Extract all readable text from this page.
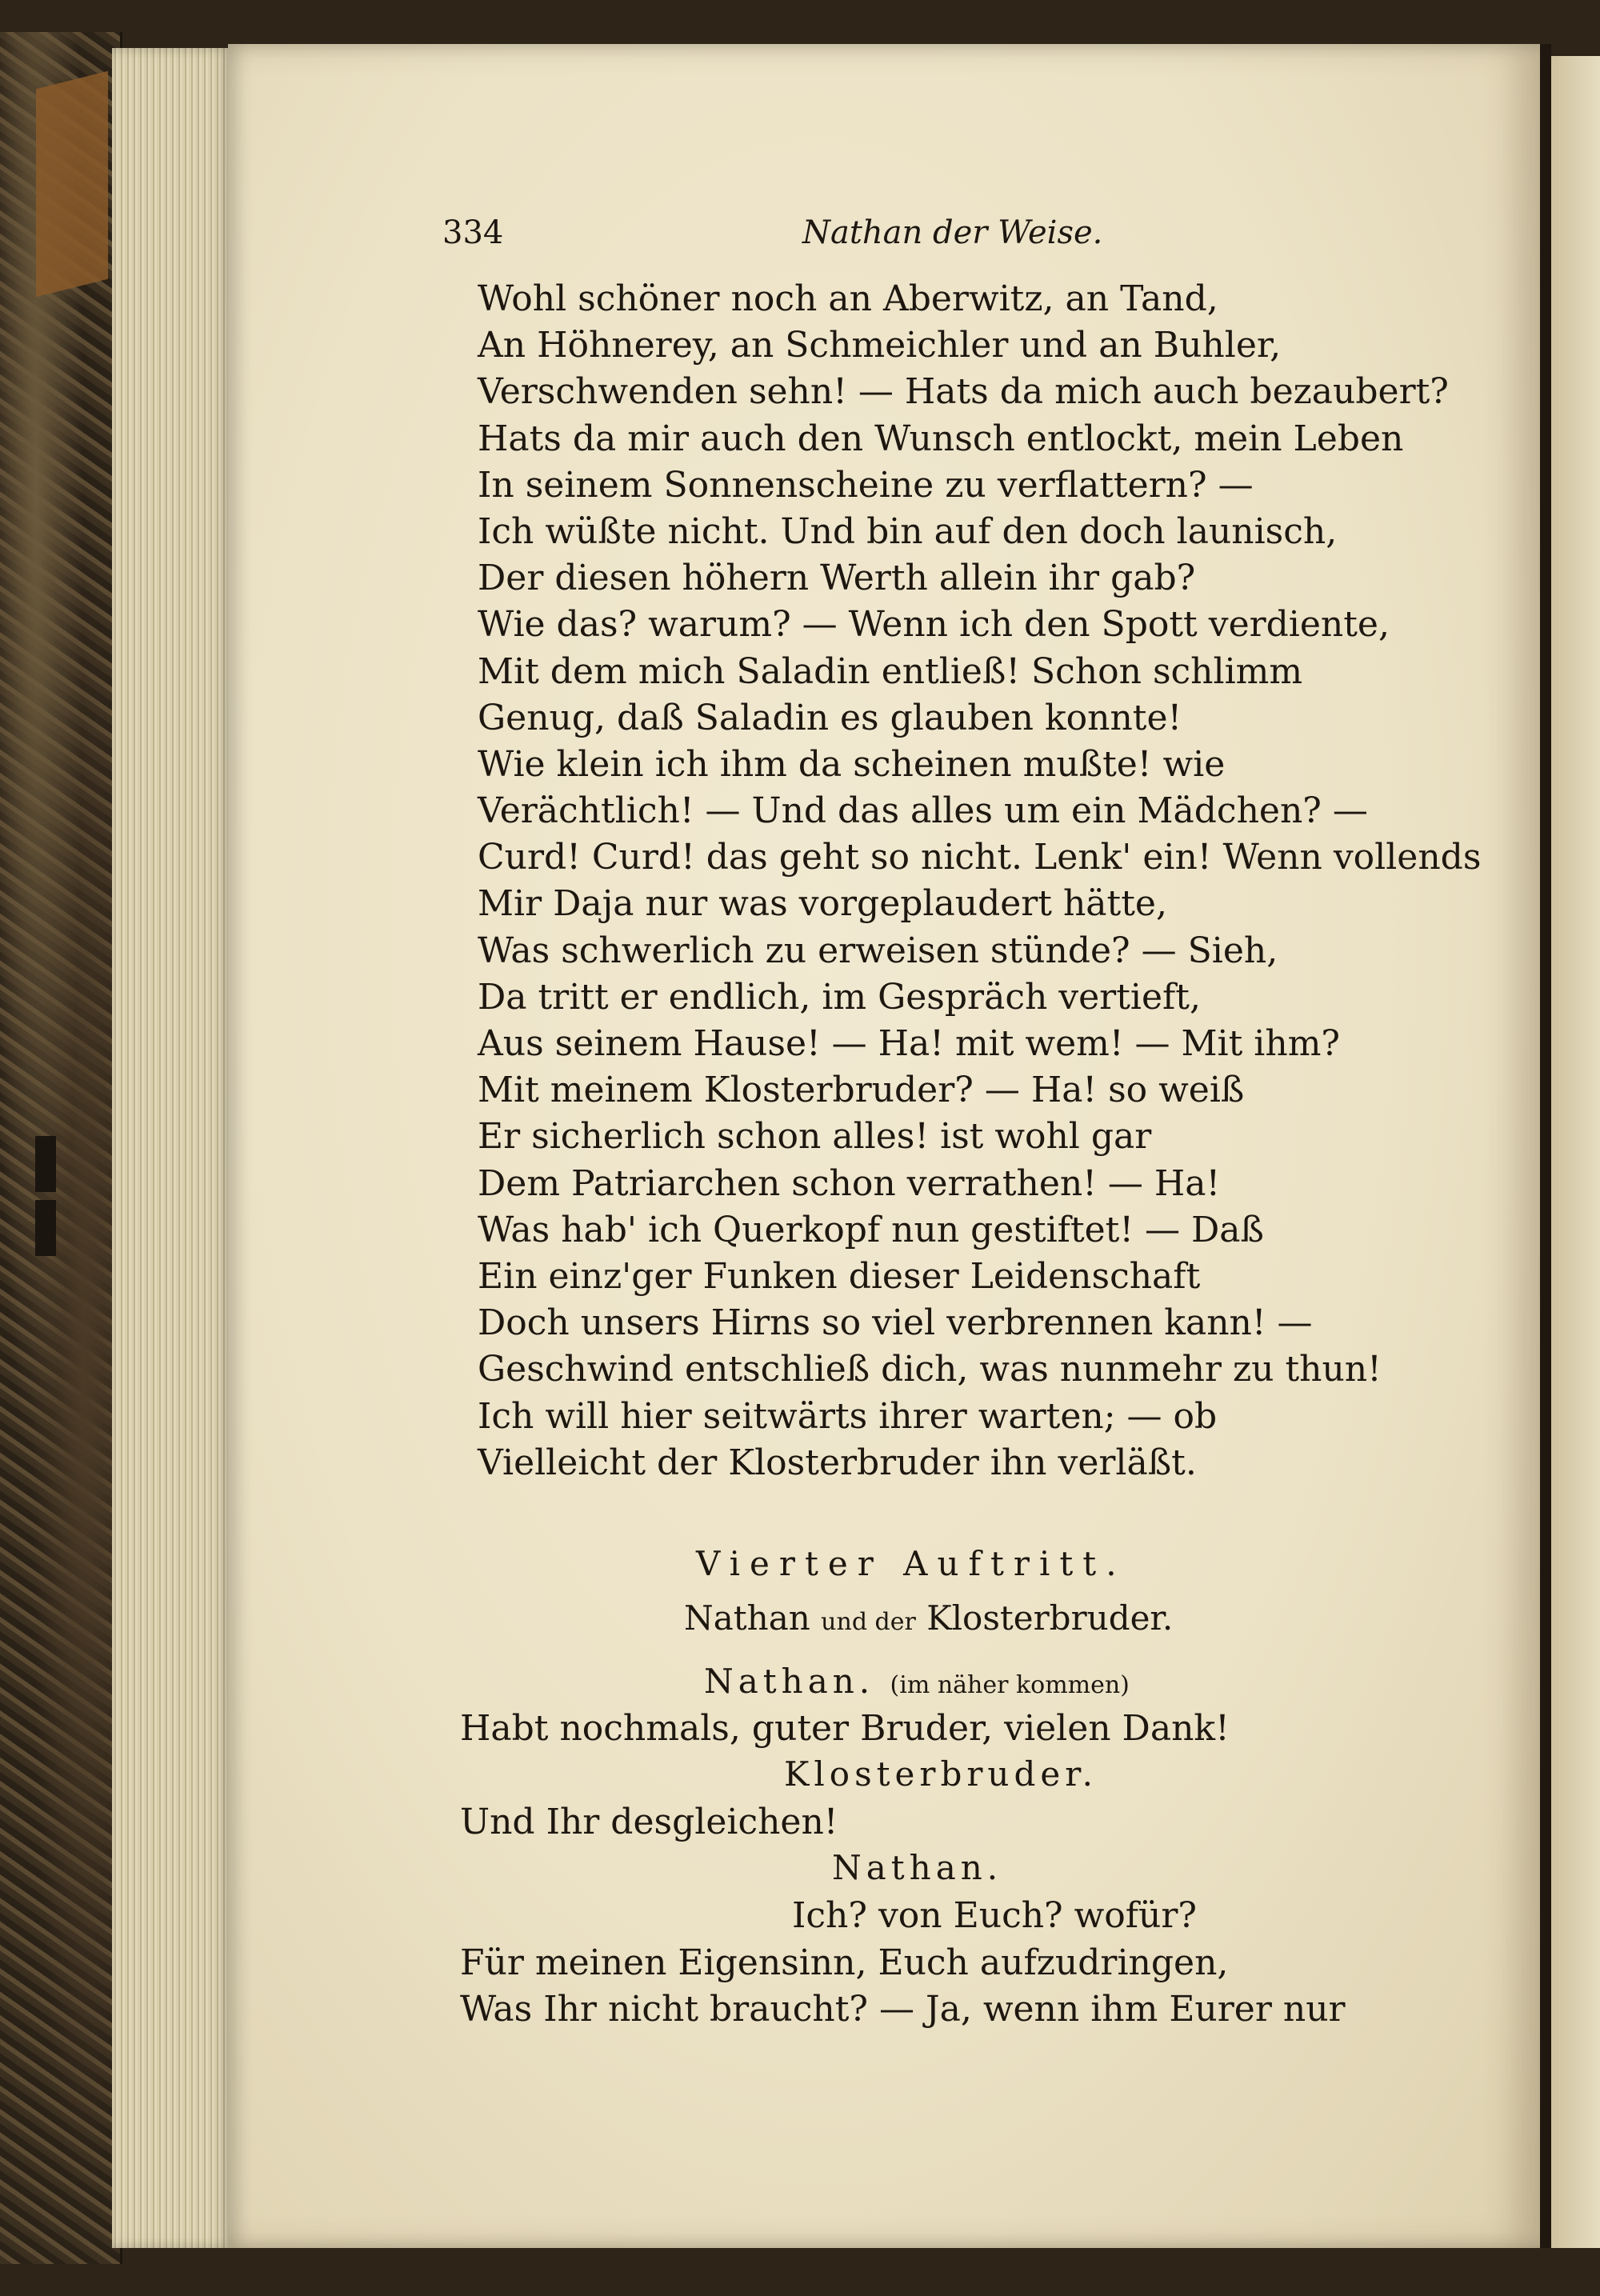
334	Nathan der Weise.
Wohl schöner noch an Aberwitz, an Tand,
An Höhnerey, an Schmeichler und an Buhler,
Verschwenden sehn! — Hats da mich auch bezaubert?
Hats da mir auch den Wunsch entlockt, mein Leben
In seinem Sonnenscheine zu verflattern? —
Ich wüßte nicht. Und bin auf den doch launisch,
Der diesen höhern Werth allein ihr gab?
Wie das? warum? — Wenn ich den Spott verdiente,
Mit dem mich Saladin entließ! Schon schlimm
Genug, daß Saladin es glauben konnte!
Wie klein ich ihm da scheinen mußte! wie
Verächtlich! — Und das alles um ein Mädchen? —
Curd! Curd! das geht so nicht. Lenk' ein! Wenn vollends
Mir Daja nur was vorgeplaudert hätte,
Was schwerlich zu erweisen stünde? — Sieh,
Da tritt er endlich, im Gespräch vertieft,
Aus seinem Hause! — Ha! mit wem! — Mit ihm?
Mit meinem Klosterbruder? — Ha! so weiß
Er sicherlich schon alles! ist wohl gar
Dem Patriarchen schon verrathen! — Ha!
Was hab' ich Querkopf nun gestiftet! — Daß
Ein einz'ger Funken dieser Leidenschaft
Doch unsers Hirns so viel verbrennen kann! —
Geschwind entschließ dich, was nunmehr zu thun!
Ich will hier seitwärts ihrer warten; — ob
Vielleicht der Klosterbruder ihn verläßt.
Vierter Auftritt.
Nathan und der Klosterbruder.
Nathan. (im näher kommen)
Habt nochmals, guter Bruder, vielen Dank!
Klosterbruder.
Und Ihr desgleichen!
Nathan.
Ich? von Euch? wofür?
Für meinen Eigensinn, Euch aufzudringen,
Was Ihr nicht braucht? — Ja, wenn ihm Eurer nur
